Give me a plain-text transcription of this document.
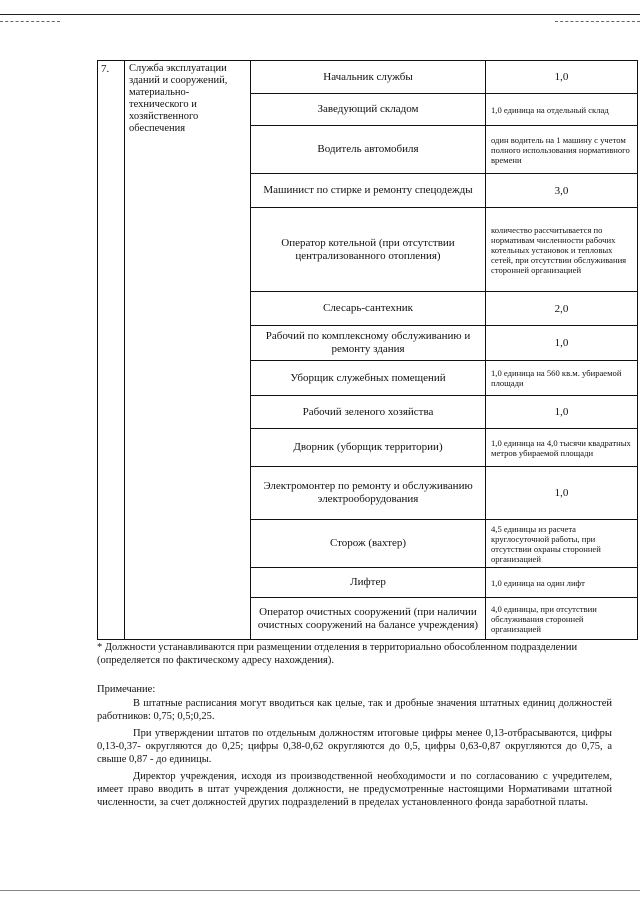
7.	Служба эксплуатации зданий и сооружений, материально-технического и хозяйственного обеспечения	Начальник службы	1,0
		Заведующий складом	1,0 единица на отдельный склад
		Водитель автомобиля	один водитель на 1 машину с учетом полного использования нормативного времени
		Машинист по стирке и ремонту спецодежды	3,0
		Оператор котельной (при отсутствии централизованного отопления)	количество рассчитывается по нормативам численности рабочих котельных установок и тепловых сетей, при отсутствии обслуживания сторонней организацией
		Слесарь-сантехник	2,0
		Рабочий по комплексному обслуживанию и ремонту здания	1,0
		Уборщик служебных помещений	1,0 единица на 560 кв.м. убираемой площади
		Рабочий зеленого хозяйства	1,0
		Дворник (уборщик территории)	1,0 единица на 4,0 тысячи квадратных метров убираемой площади
		Электромонтер по ремонту и обслуживанию электрооборудования	1,0
		Сторож (вахтер)	4,5 единицы из расчета круглосуточной работы, при отсутствии охраны сторонней организацией
		Лифтер	1,0 единица на один лифт
		Оператор очистных сооружений (при наличии очистных сооружений на балансе учреждения)	4,0 единицы, при отсутствии обслуживания сторонней организацией

* Должности устанавливаются при размещении отделения в территориально обособленном подразделении (определяется по фактическому адресу нахождения).

Примечание:

В штатные расписания могут вводиться как целые, так и дробные значения штатных единиц должностей работников: 0,75; 0,5;0,25.

При утверждении штатов по отдельным должностям итоговые цифры менее 0,13-отбрасываются, цифры 0,13-0,37- округляются до 0,25; цифры 0,38-0,62 округляются до 0,5, цифры 0,63-0,87 округляются до 0,75, а свыше 0,87 - до единицы.

Директор учреждения, исходя из производственной необходимости и по согласованию с учредителем, имеет право вводить в штат учреждения должности, не предусмотренные настоящими Нормативами штатной численности, за счет должностей других подразделений в пределах установленного фонда заработной платы.
